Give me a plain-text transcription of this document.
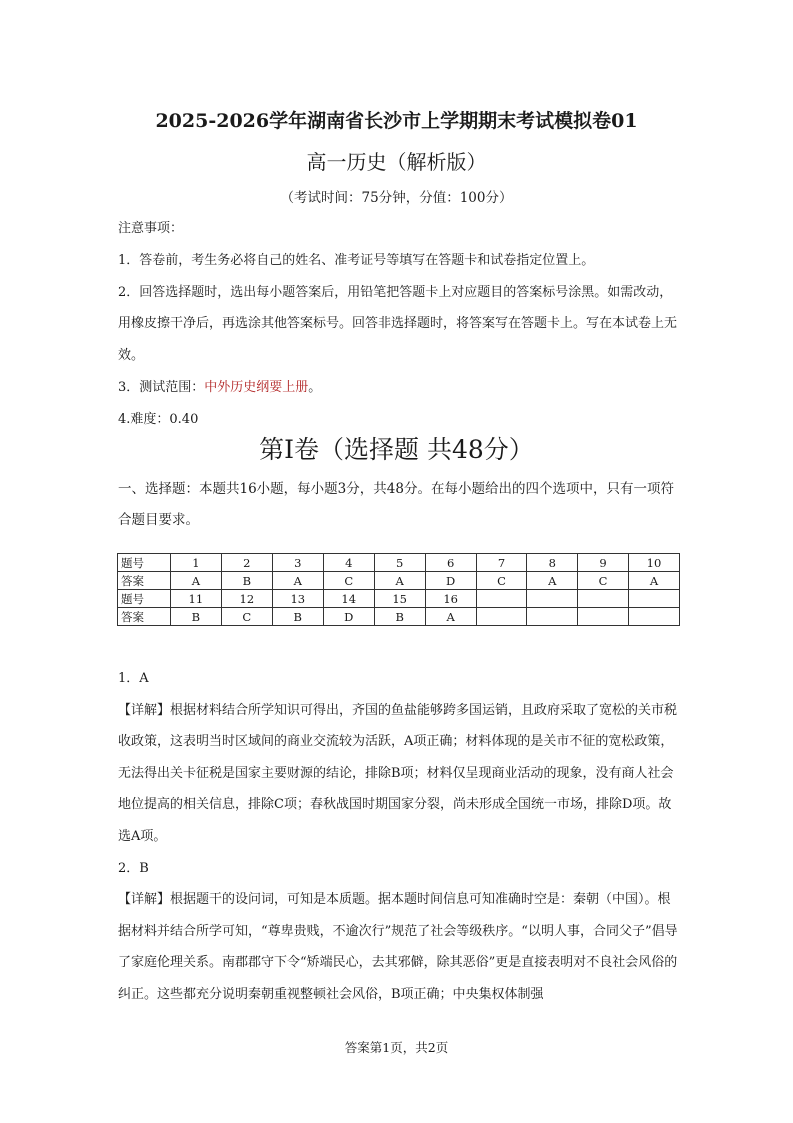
2025-2026学年湖南省长沙市上学期期末考试模拟卷01
高一历史（解析版）
（考试时间：75分钟，分值：100分）

注意事项：

1．答卷前，考生务必将自己的姓名、准考证号等填写在答题卡和试卷指定位置上。

2．回答选择题时，选出每小题答案后，用铅笔把答题卡上对应题目的答案标号涂黑。如需改动，用橡皮擦干净后，再选涂其他答案标号。回答非选择题时，将答案写在答题卡上。写在本试卷上无效。

3．测试范围：中外历史纲要上册。

4.难度：0.40

第Ⅰ卷（选择题 共48分）

一、选择题：本题共16小题，每小题3分，共48分。在每小题给出的四个选项中，只有一项符合题目要求。

题号	1	2	3	4	5	6	7	8	9	10
答案	A	B	A	C	A	D	C	A	C	A
题号	11	12	13	14	15	16				
答案	B	C	B	D	B	A				

1．A

【详解】根据材料结合所学知识可得出，齐国的鱼盐能够跨多国运销，且政府采取了宽松的关市税收政策，这表明当时区域间的商业交流较为活跃，A项正确；材料体现的是关市不征的宽松政策，无法得出关卡征税是国家主要财源的结论，排除B项；材料仅呈现商业活动的现象，没有商人社会地位提高的相关信息，排除C项；春秋战国时期国家分裂，尚未形成全国统一市场，排除D项。故选A项。

2．B

【详解】根据题干的设问词，可知是本质题。据本题时间信息可知准确时空是：秦朝（中国）。根据材料并结合所学可知，“尊卑贵贱，不逾次行”规范了社会等级秩序。“以明人事，合同父子”倡导了家庭伦理关系。南郡郡守下令“矫端民心，去其邪僻，除其恶俗”更是直接表明对不良社会风俗的纠正。这些都充分说明秦朝重视整顿社会风俗，B项正确；中央集权体制强

答案第1页，共2页
